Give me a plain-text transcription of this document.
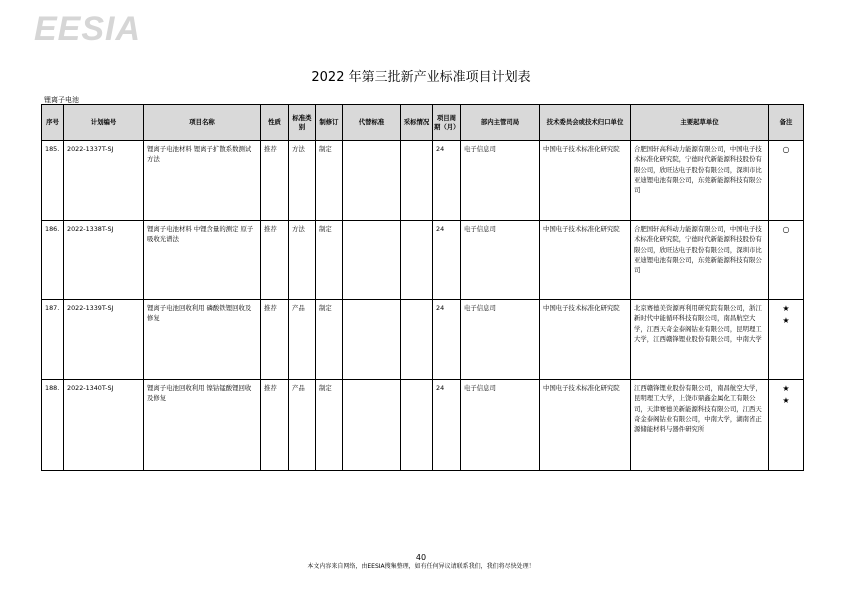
EESIA
2022 年第三批新产业标准项目计划表
锂离子电池
序号	计划编号	项目名称	性质	标准类别	制修订	代替标准	采标情况	项目周期（月）	部内主管司局	技术委员会或技术归口单位	主要起草单位	备注
185.	2022-1337T-SJ	锂离子电池材料 锂离子扩散系数测试方法	推荐	方法	制定			24	电子信息司	中国电子技术标准化研究院	合肥国轩高科动力能源有限公司，中国电子技术标准化研究院，宁德时代新能源科技股份有限公司，欣旺达电子股份有限公司，深圳市比亚迪锂电池有限公司，东莞新能源科技有限公司	○
186.	2022-1338T-SJ	锂离子电池材料 中锂含量的测定 原子吸收光谱法	推荐	方法	制定			24	电子信息司	中国电子技术标准化研究院	合肥国轩高科动力能源有限公司，中国电子技术标准化研究院，宁德时代新能源科技股份有限公司，欣旺达电子股份有限公司，深圳市比亚迪锂电池有限公司，东莞新能源科技有限公司	○
187.	2022-1339T-SJ	锂离子电池回收利用 磷酸铁锂回收及修复	推荐	产品	制定			24	电子信息司	中国电子技术标准化研究院	北京赛德美资源再利用研究院有限公司，浙江新时代中能循环科技有限公司，南昌航空大学，江西天奇金泰阁钴业有限公司，昆明理工大学，江西赣锋锂业股份有限公司，中南大学	★
★
188.	2022-1340T-SJ	锂离子电池回收利用 镍钴锰酸锂回收及修复	推荐	产品	制定			24	电子信息司	中国电子技术标准化研究院	江西赣锋锂业股份有限公司，南昌航空大学，昆明理工大学，上饶市鼎鑫金属化工有限公司，天津赛德美新能源科技有限公司，江西天奇金泰阁钴业有限公司，中南大学，湖南省正源储能材料与器件研究所	★
★
40
本文内容来自网络，由EESIA搜集整理，如有任何异议请联系我们，我们将尽快处理！
